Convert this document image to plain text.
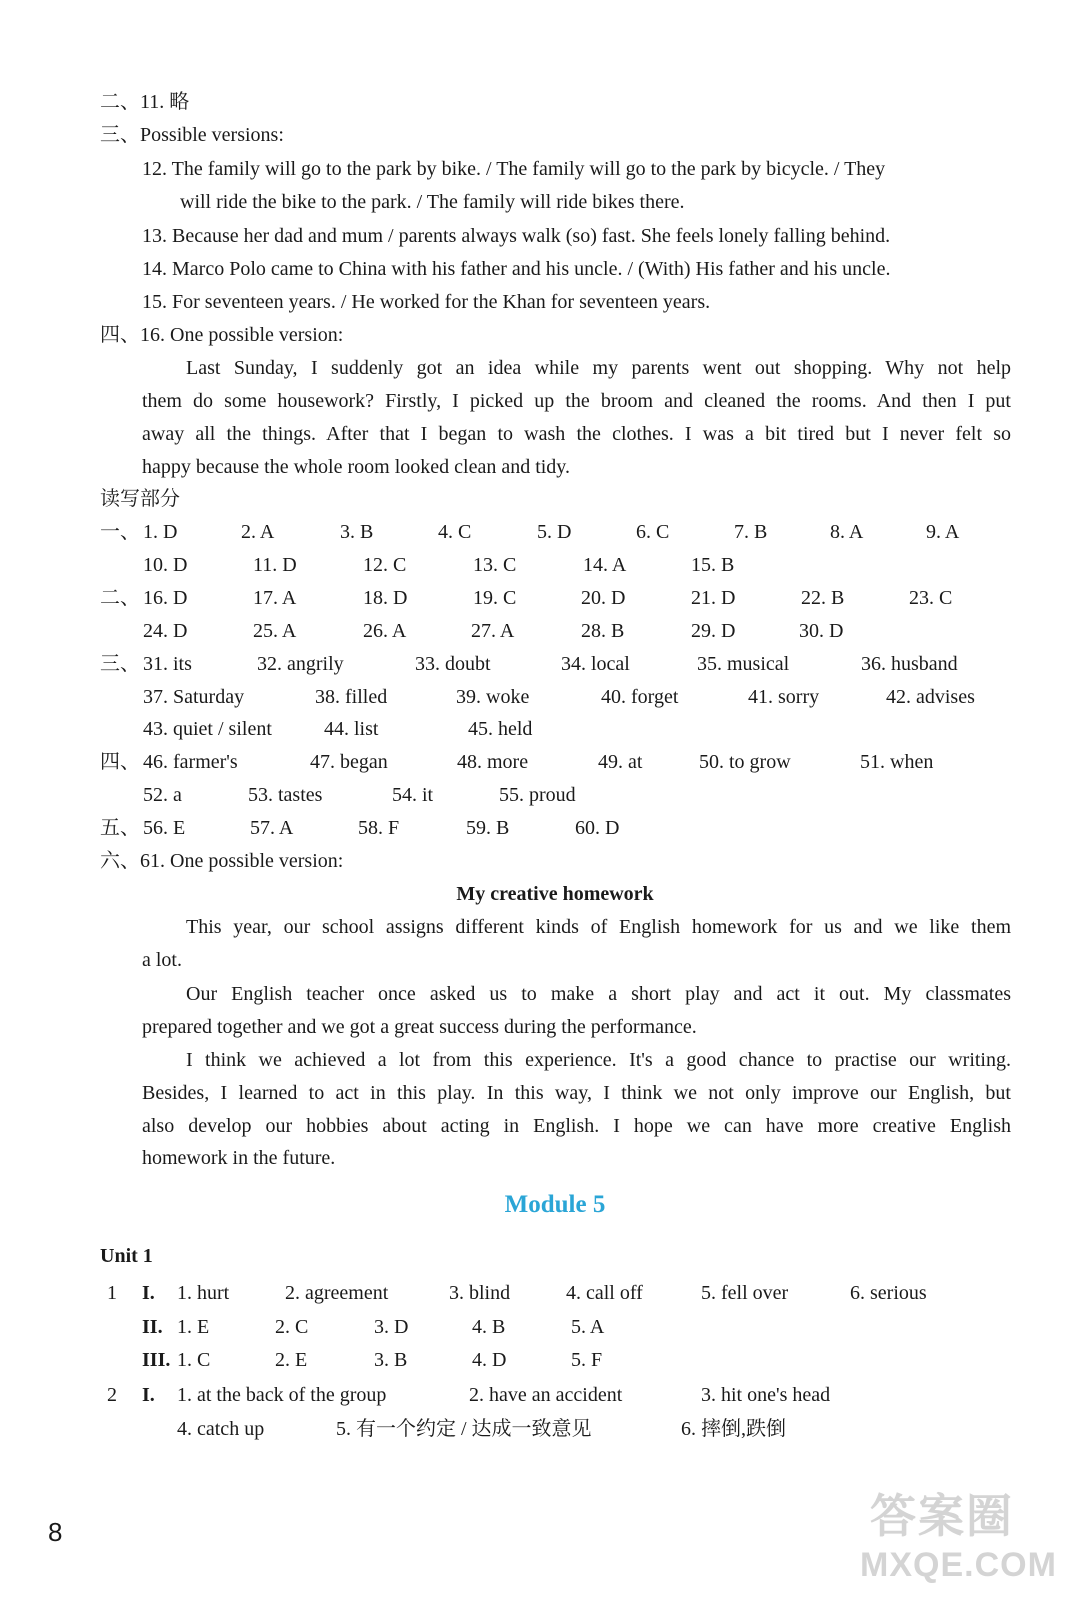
二、11. 略
三、Possible versions:
12. The family will go to the park by bike. / The family will go to the park by bicycle. / They
will ride the bike to the park. / The family will ride bikes there.
13. Because her dad and mum / parents always walk (so) fast. She feels lonely falling behind.
14. Marco Polo came to China with his father and his uncle. / (With) His father and his uncle.
15. For seventeen years. / He worked for the Khan for seventeen years.
四、16. One possible version:
Last Sunday, I suddenly got an idea while my parents went out shopping. Why not help
them do some housework? Firstly, I picked up the broom and cleaned the rooms. And then I put
away all the things. After that I began to wash the clothes. I was a bit tired but I never felt so
happy because the whole room looked clean and tidy.
读写部分
一、 1. D	2. A	3. B	4. C	5. D	6. C	7. B	8. A	9. A
10. D	11. D	12. C	13. C	14. A	15. B
二、 16. D	17. A	18. D	19. C	20. D	21. D	22. B	23. C
24. D	25. A	26. A	27. A	28. B	29. D	30. D
三、 31. its	32. angrily	33. doubt	34. local	35. musical	36. husband
37. Saturday	38. filled	39. woke	40. forget	41. sorry	42. advises
43. quiet / silent	44. list	45. held
四、 46. farmer's	47. began	48. more	49. at	50. to grow	51. when
52. a	53. tastes	54. it	55. proud
五、 56. E	57. A	58. F	59. B	60. D
六、61. One possible version:
My creative homework
This year, our school assigns different kinds of English homework for us and we like them
a lot.
Our English teacher once asked us to make a short play and act it out. My classmates
prepared together and we got a great success during the performance.
I think we achieved a lot from this experience. It's a good chance to practise our writing.
Besides, I learned to act in this play. In this way, I think we not only improve our English, but
also develop our hobbies about acting in English. I hope we can have more creative English
homework in the future.
Module 5
Unit 1
1 I. 1. hurt	2. agreement	3. blind	4. call off	5. fell over	6. serious
II. 1. E	2. C	3. D	4. B	5. A
III. 1. C	2. E	3. B	4. D	5. F
2 I. 1. at the back of the group	2. have an accident	3. hit one's head
4. catch up	5. 有一个约定 / 达成一致意见	6. 摔倒,跌倒
8	答案圈
MXQE.COM
